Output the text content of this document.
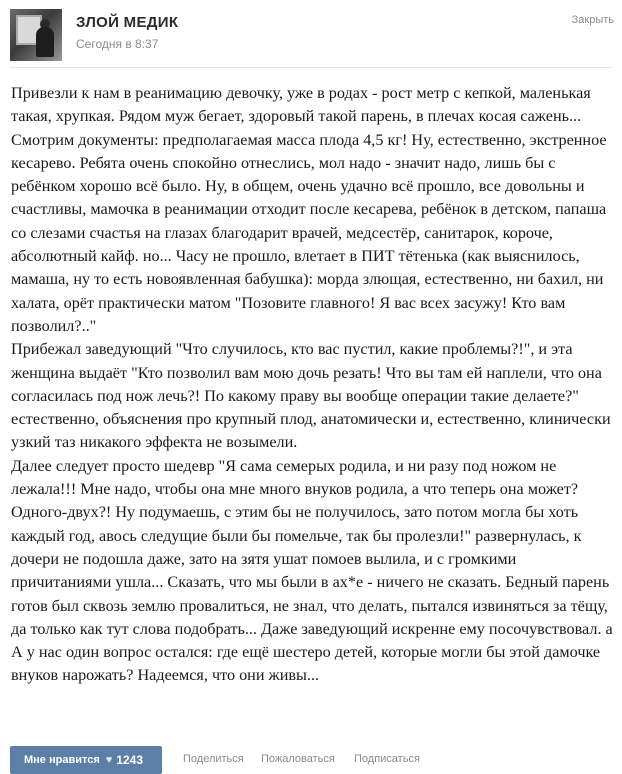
ЗЛОЙ МЕДИК
Сегодня в 8:37
Закрыть

Привезли к нам в реанимацию девочку, уже в родах - рост метр с кепкой, маленькая такая, хрупкая. Рядом муж бегает, здоровый такой парень, в плечах косая сажень... Смотрим документы: предполагаемая масса плода 4,5 кг! Ну, естественно, экстренное кесарево. Ребята очень спокойно отнеслись, мол надо - значит надо, лишь бы с ребёнком хорошо всё было. Ну, в общем, очень удачно всё прошло, все довольны и счастливы, мамочка в реанимации отходит после кесарева, ребёнок в детском, папаша со слезами счастья на глазах благодарит врачей, медсестёр, санитарок, короче, абсолютный кайф. но... Часу не прошло, влетает в ПИТ тётенька (как выяснилось, мамаша, ну то есть новоявленная бабушка): морда злющая, естественно, ни бахил, ни халата, орёт практически матом "Позовите главного! Я вас всех засужу! Кто вам позволил?.."

Прибежал заведующий "Что случилось, кто вас пустил, какие проблемы?!", и эта женщина выдаёт "Кто позволил вам мою дочь резать! Что вы там ей наплели, что она согласилась под нож лечь?! По какому праву вы вообще операции такие делаете?" естественно, объяснения про крупный плод, анатомически и, естественно, клинически узкий таз никакого эффекта не возымели.

Далее следует просто шедевр "Я сама семерых родила, и ни разу под ножом не лежала!!! Мне надо, чтобы она мне много внуков родила, а что теперь она может? Одного-двух?! Ну подумаешь, с этим бы не получилось, зато потом могла бы хоть каждый год, авось следущие были бы помельче, так бы пролезли!" развернулась, к дочери не подошла даже, зато на зятя ушат помоев вылила, и с громкими причитаниями ушла... Сказать, что мы были в ах*е - ничего не сказать. Бедный парень готов был сквозь землю провалиться, не знал, что делать, пытался извиняться за тёщу, да только как тут слова подобрать... Даже заведующий искренне ему посочувствовал. а

А у нас один вопрос остался: где ещё шестеро детей, которые могли бы этой дамочке внуков нарожать? Надеемся, что они живы...

Мне нравится ♥ 1243	Поделиться Пожаловаться Подписаться
